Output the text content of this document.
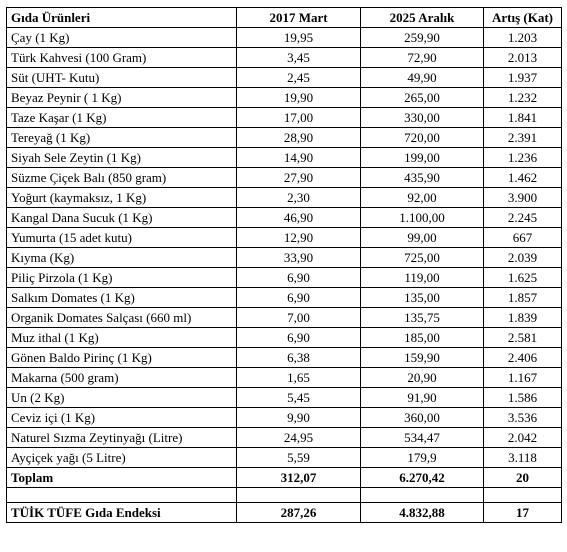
Gıda Ürünleri	2017 Mart	2025 Aralık	Artış (Kat)
Çay (1 Kg)	19,95	259,90	1.203
Türk Kahvesi (100 Gram)	3,45	72,90	2.013
Süt (UHT- Kutu)	2,45	49,90	1.937
Beyaz Peynir ( 1 Kg)	19,90	265,00	1.232
Taze Kaşar (1 Kg)	17,00	330,00	1.841
Tereyağ (1 Kg)	28,90	720,00	2.391
Siyah Sele Zeytin (1 Kg)	14,90	199,00	1.236
Süzme Çiçek Balı (850 gram)	27,90	435,90	1.462
Yoğurt (kaymaksız, 1 Kg)	2,30	92,00	3.900
Kangal Dana Sucuk (1 Kg)	46,90	1.100,00	2.245
Yumurta (15 adet kutu)	12,90	99,00	667
Kıyma (Kg)	33,90	725,00	2.039
Piliç Pirzola (1 Kg)	6,90	119,00	1.625
Salkım Domates (1 Kg)	6,90	135,00	1.857
Organik Domates Salçası (660 ml)	7,00	135,75	1.839
Muz ithal (1 Kg)	6,90	185,00	2.581
Gönen Baldo Pirinç (1 Kg)	6,38	159,90	2.406
Makarna (500 gram)	1,65	20,90	1.167
Un (2 Kg)	5,45	91,90	1.586
Ceviz içi (1 Kg)	9,90	360,00	3.536
Naturel Sızma Zeytinyağı (Litre)	24,95	534,47	2.042
Ayçiçek yağı (5 Litre)	5,59	179,9	3.118
Toplam	312,07	6.270,42	20

TÜİK TÜFE Gıda Endeksi	287,26	4.832,88	17
